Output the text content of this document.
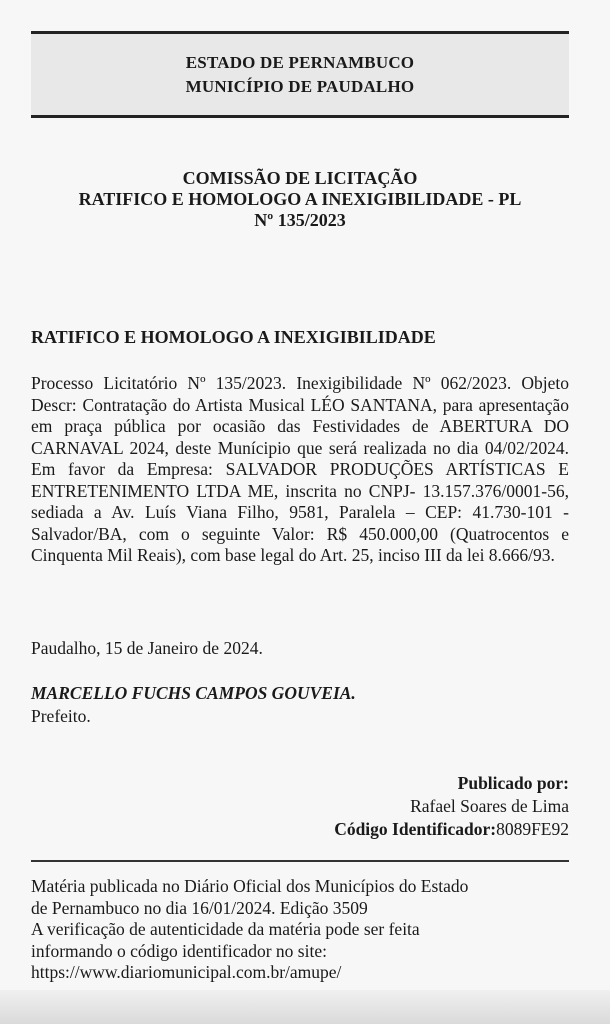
ESTADO DE PERNAMBUCO
MUNICÍPIO DE PAUDALHO
COMISSÃO DE LICITAÇÃO
RATIFICO E HOMOLOGO A INEXIGIBILIDADE - PL
Nº 135/2023
RATIFICO E HOMOLOGO A INEXIGIBILIDADE
Processo Licitatório Nº 135/2023. Inexigibilidade Nº 062/2023. Objeto Descr: Contratação do Artista Musical LÉO SANTANA, para apresentação em praça pública por ocasião das Festividades de ABERTURA DO CARNAVAL 2024, deste Munícipio que será realizada no dia 04/02/2024. Em favor da Empresa: SALVADOR PRODUÇÕES ARTÍSTICAS E ENTRETENIMENTO LTDA ME, inscrita no CNPJ- 13.157.376/0001-56, sediada a Av. Luís Viana Filho, 9581, Paralela – CEP: 41.730-101 - Salvador/BA, com o seguinte Valor: R$ 450.000,00 (Quatrocentos e Cinquenta Mil Reais), com base legal do Art. 25, inciso III da lei 8.666/93.
Paudalho, 15 de Janeiro de 2024.
MARCELLO FUCHS CAMPOS GOUVEIA.
Prefeito.
Publicado por:
Rafael Soares de Lima
Código Identificador:8089FE92
Matéria publicada no Diário Oficial dos Municípios do Estado
de Pernambuco no dia 16/01/2024. Edição 3509
A verificação de autenticidade da matéria pode ser feita
informando o código identificador no site:
https://www.diariomunicipal.com.br/amupe/
